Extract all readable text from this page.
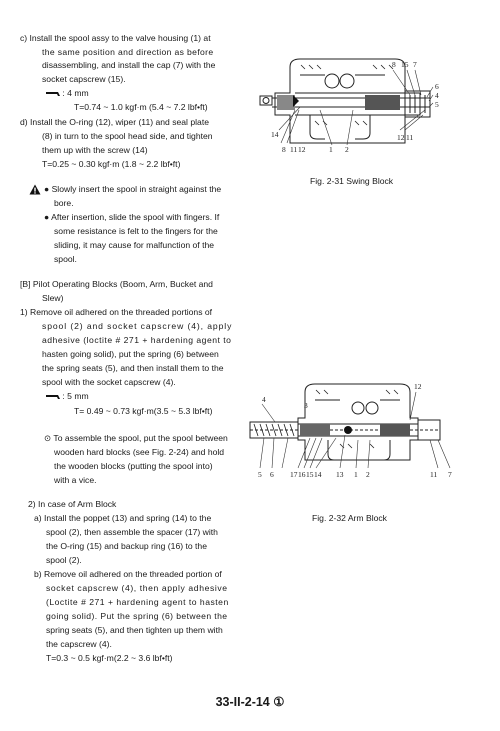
c) Install the spool assy to the valve housing (1) at
the same position and direction as before
disassembling, and install the cap (7) with the
socket capscrew (15).
: 4 mm
T=0.74 ~ 1.0 kgf·m (5.4 ~ 7.2 lbf•ft)
d) Install the O-ring (12), wiper (11) and seal plate
(8) in turn to the spool head side, and tighten
them up with the screw (14)
T=0.25 ~ 0.30 kgf·m (1.8 ~ 2.2 lbf•ft)
● Slowly insert the spool in straight against the
bore.
● After insertion, slide the spool with fingers. If
some resistance is felt to the fingers for the
sliding, it may cause for malfunction of the
spool.
[B] Pilot Operating Blocks (Boom, Arm, Bucket and
Slew)
1) Remove oil adhered on the threaded portions of
spool (2) and socket capscrew (4), apply
adhesive (loctite # 271 + hardening agent to
hasten going solid), put the spring (6) between
the spring seats (5), and then install them to the
spool with the socket capscrew (4).
: 5 mm
T= 0.49 ~ 0.73 kgf·m(3.5 ~ 5.3 lbf•ft)
⊙ To assemble the spool, put the spool between
wooden hard blocks (see Fig. 2-24) and hold
the wooden blocks (putting the spool into)
with a vice.
2) In case of Arm Block
a) Install the poppet (13) and spring (14) to the
spool (2), then assemble the spacer (17) with
the O-ring (15) and backup ring (16) to the
spool (2).
b) Remove oil adhered on the threaded portion of
socket capscrew (4), then apply adhesive
(Loctite # 271 + hardening agent to hasten
going solid). Put the spring (6) between the
spring seats (5), and then tighten up them with
the capscrew (4).
T=0.3 ~ 0.5 kgf·m(2.2 ~ 3.6 lbf•ft)
8 15 7
6
4
5
14
8 11 12	1 2
12 11
Fig. 2-31 Swing Block
4
12
3
5 6 17 16 15 14 13 1 2	11 7
Fig. 2-32 Arm Block
33-II-2-14 ①
